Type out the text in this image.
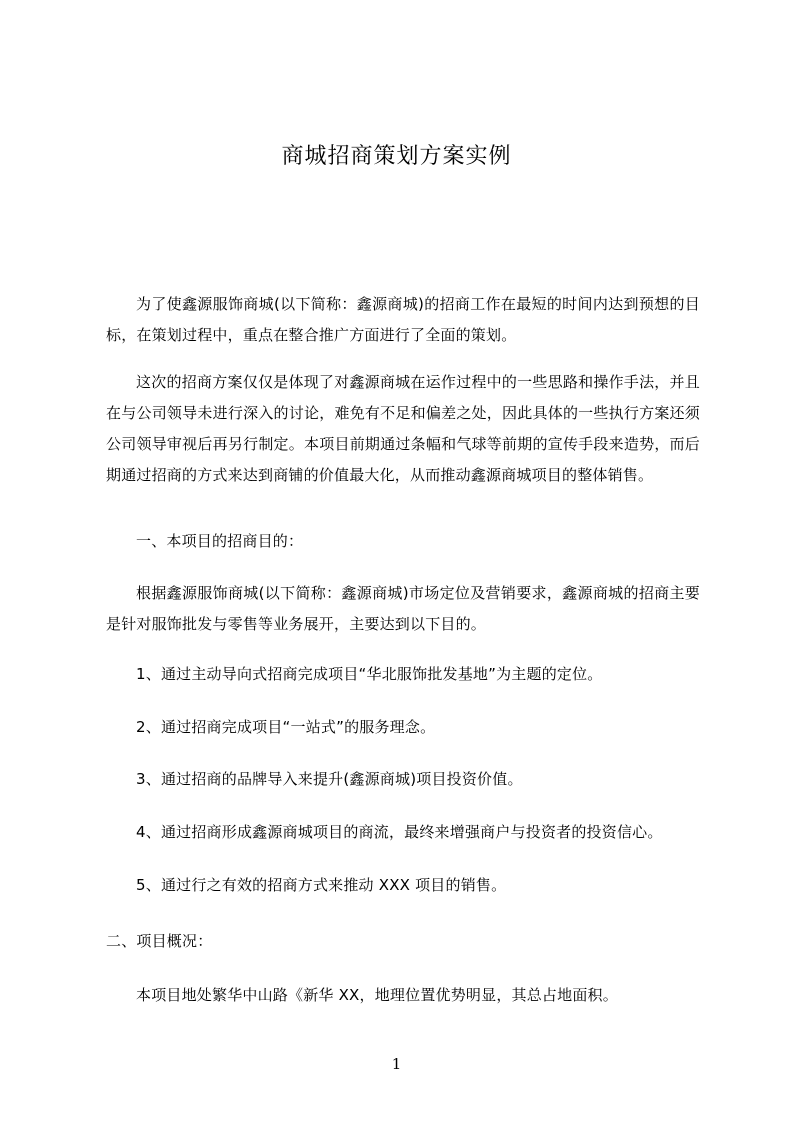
商城招商策划方案实例

为了使鑫源服饰商城(以下简称：鑫源商城)的招商工作在最短的时间内达到预想的目标，在策划过程中，重点在整合推广方面进行了全面的策划。

这次的招商方案仅仅是体现了对鑫源商城在运作过程中的一些思路和操作手法，并且在与公司领导未进行深入的讨论，难免有不足和偏差之处，因此具体的一些执行方案还须公司领导审视后再另行制定。本项目前期通过条幅和气球等前期的宣传手段来造势，而后期通过招商的方式来达到商铺的价值最大化，从而推动鑫源商城项目的整体销售。

一、本项目的招商目的：

根据鑫源服饰商城(以下简称：鑫源商城)市场定位及营销要求，鑫源商城的招商主要是针对服饰批发与零售等业务展开，主要达到以下目的。

1、通过主动导向式招商完成项目“华北服饰批发基地”为主题的定位。

2、通过招商完成项目“一站式”的服务理念。

3、通过招商的品牌导入来提升(鑫源商城)项目投资价值。

4、通过招商形成鑫源商城项目的商流，最终来增强商户与投资者的投资信心。

5、通过行之有效的招商方式来推动 XXX 项目的销售。

二、项目概况：

本项目地处繁华中山路《新华 XX，地理位置优势明显，其总占地面积。

1
